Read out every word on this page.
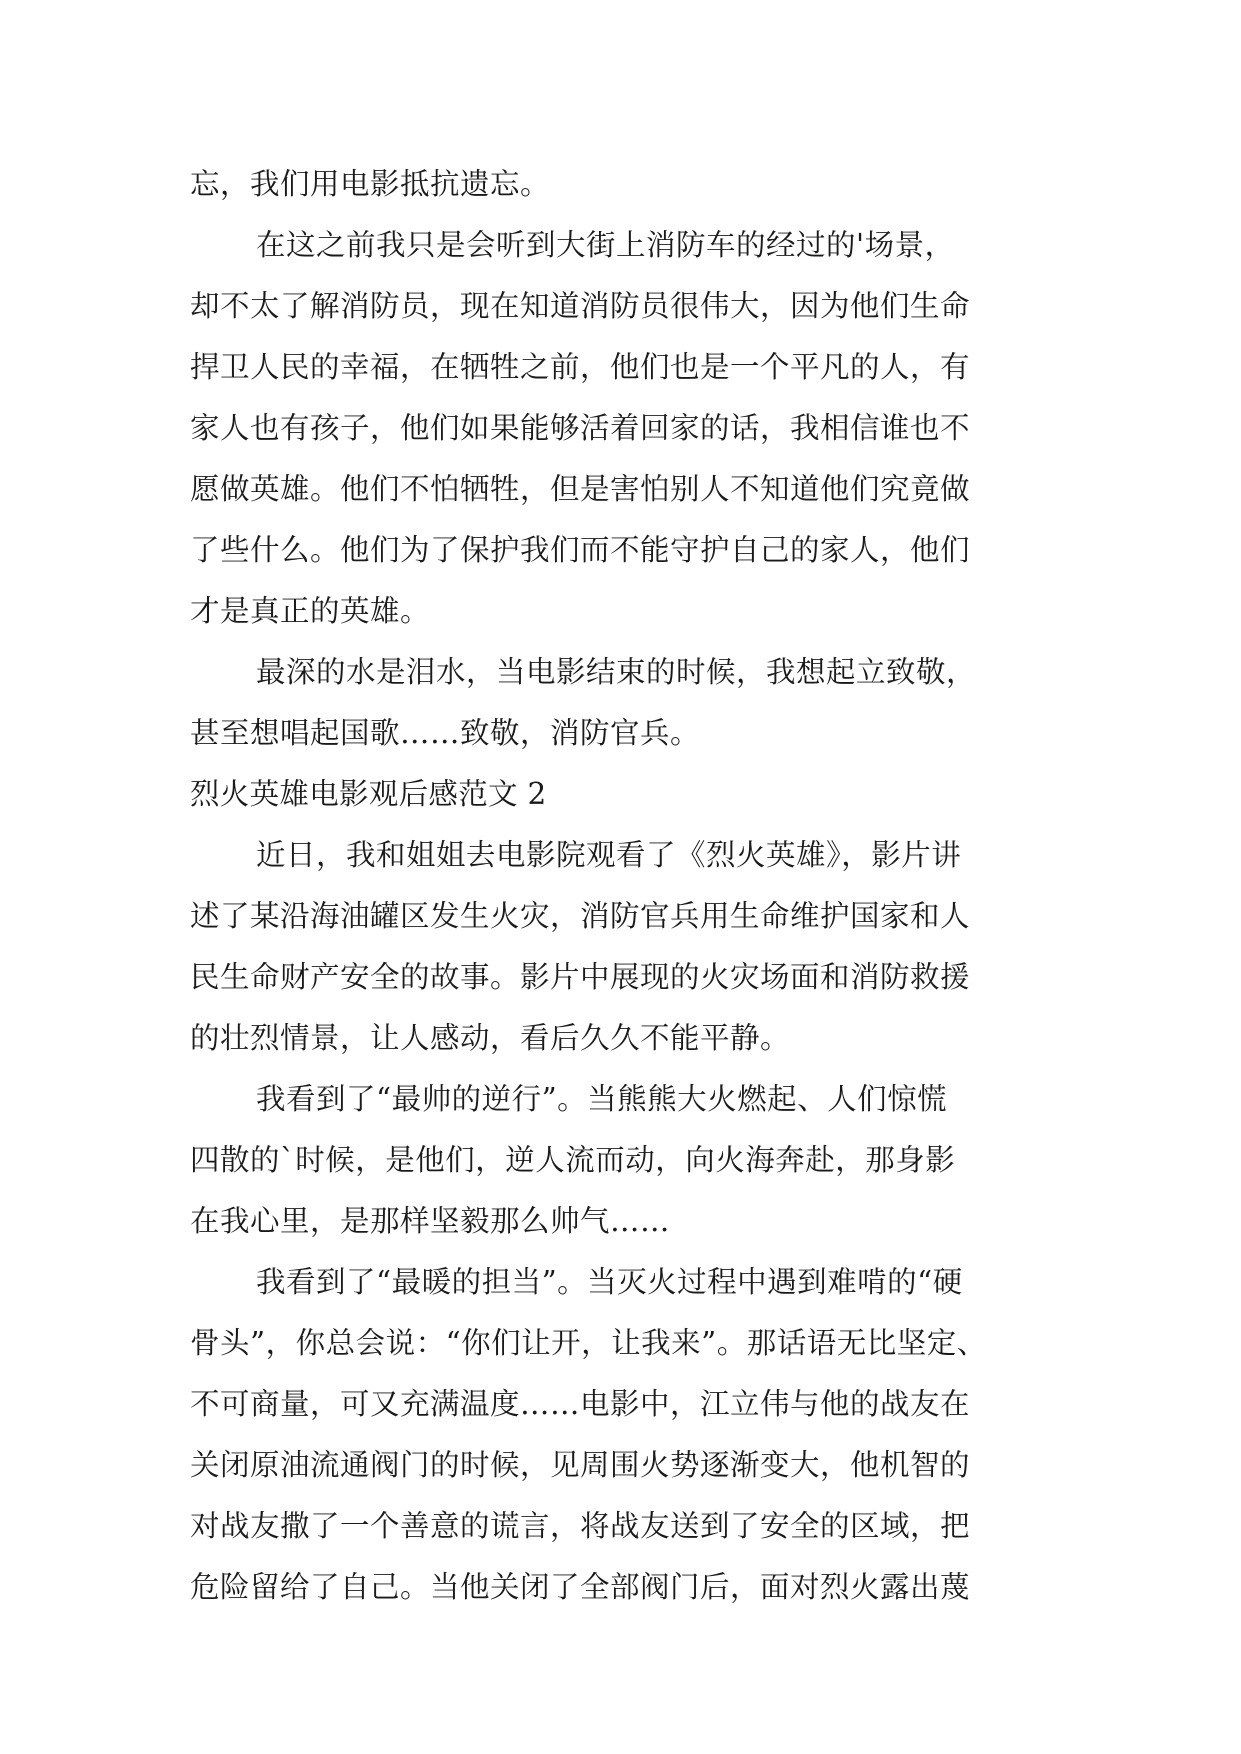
忘，我们用电影抵抗遗忘。
在这之前我只是会听到大街上消防车的经过的'场景，
却不太了解消防员，现在知道消防员很伟大，因为他们生命
捍卫人民的幸福，在牺牲之前，他们也是一个平凡的人，有
家人也有孩子，他们如果能够活着回家的话，我相信谁也不
愿做英雄。他们不怕牺牲，但是害怕别人不知道他们究竟做
了些什么。他们为了保护我们而不能守护自己的家人，他们
才是真正的英雄。
最深的水是泪水，当电影结束的时候，我想起立致敬，
甚至想唱起国歌……致敬，消防官兵。
烈火英雄电影观后感范文 2
近日，我和姐姐去电影院观看了《烈火英雄》，影片讲
述了某沿海油罐区发生火灾，消防官兵用生命维护国家和人
民生命财产安全的故事。影片中展现的火灾场面和消防救援
的壮烈情景，让人感动，看后久久不能平静。
我看到了“最帅的逆行”。当熊熊大火燃起、人们惊慌
四散的`时候，是他们，逆人流而动，向火海奔赴，那身影
在我心里，是那样坚毅那么帅气……
我看到了“最暖的担当”。当灭火过程中遇到难啃的“硬
骨头”，你总会说：“你们让开，让我来”。那话语无比坚定、
不可商量，可又充满温度……电影中，江立伟与他的战友在
关闭原油流通阀门的时候，见周围火势逐渐变大，他机智的
对战友撒了一个善意的谎言，将战友送到了安全的区域，把
危险留给了自己。当他关闭了全部阀门后，面对烈火露出蔑
